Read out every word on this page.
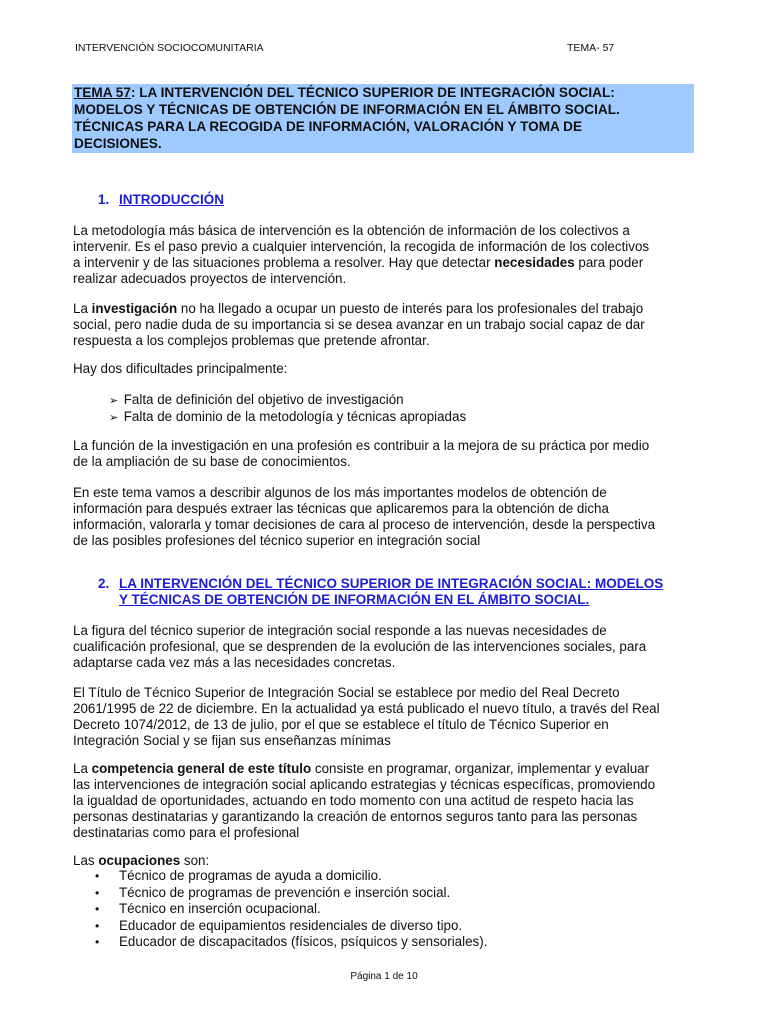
INTERVENCIÓN SOCIOCOMUNITARIA	TEMA- 57
TEMA 57: LA INTERVENCIÓN DEL TÉCNICO SUPERIOR DE INTEGRACIÓN SOCIAL:
MODELOS Y TÉCNICAS DE OBTENCIÓN DE INFORMACIÓN EN EL ÁMBITO SOCIAL.
TÉCNICAS PARA LA RECOGIDA DE INFORMACIÓN, VALORACIÓN Y TOMA DE
DECISIONES.
1. INTRODUCCIÓN
La metodología más básica de intervención es la obtención de información de los colectivos a
intervenir. Es el paso previo a cualquier intervención, la recogida de información de los colectivos
a intervenir y de las situaciones problema a resolver. Hay que detectar necesidades para poder
realizar adecuados proyectos de intervención.
La investigación no ha llegado a ocupar un puesto de interés para los profesionales del trabajo
social, pero nadie duda de su importancia si se desea avanzar en un trabajo social capaz de dar
respuesta a los complejos problemas que pretende afrontar.
Hay dos dificultades principalmente:
➢ Falta de definición del objetivo de investigación
➢ Falta de dominio de la metodología y técnicas apropiadas
La función de la investigación en una profesión es contribuir a la mejora de su práctica por medio
de la ampliación de su base de conocimientos.
En este tema vamos a describir algunos de los más importantes modelos de obtención de
información para después extraer las técnicas que aplicaremos para la obtención de dicha
información, valorarla y tomar decisiones de cara al proceso de intervención, desde la perspectiva
de las posibles profesiones del técnico superior en integración social
2. LA INTERVENCIÓN DEL TÉCNICO SUPERIOR DE INTEGRACIÓN SOCIAL: MODELOS
Y TÉCNICAS DE OBTENCIÓN DE INFORMACIÓN EN EL ÁMBITO SOCIAL.
La figura del técnico superior de integración social responde a las nuevas necesidades de
cualificación profesional, que se desprenden de la evolución de las intervenciones sociales, para
adaptarse cada vez más a las necesidades concretas.
El Título de Técnico Superior de Integración Social se establece por medio del Real Decreto
2061/1995 de 22 de diciembre. En la actualidad ya está publicado el nuevo título, a través del Real
Decreto 1074/2012, de 13 de julio, por el que se establece el título de Técnico Superior en
Integración Social y se fijan sus enseñanzas mínimas
La competencia general de este título consiste en programar, organizar, implementar y evaluar
las intervenciones de integración social aplicando estrategias y técnicas específicas, promoviendo
la igualdad de oportunidades, actuando en todo momento con una actitud de respeto hacia las
personas destinatarias y garantizando la creación de entornos seguros tanto para las personas
destinatarias como para el profesional
Las ocupaciones son:
• Técnico de programas de ayuda a domicilio.
• Técnico de programas de prevención e inserción social.
• Técnico en inserción ocupacional.
• Educador de equipamientos residenciales de diverso tipo.
• Educador de discapacitados (físicos, psíquicos y sensoriales).
Página 1 de 10
